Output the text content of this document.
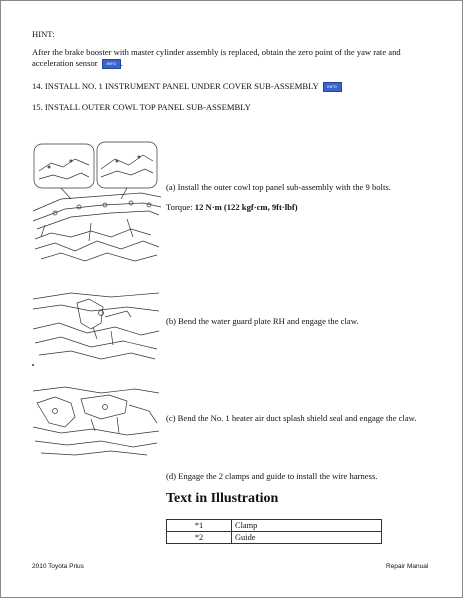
HINT:
After the brake booster with master cylinder assembly is replaced, obtain the zero point of the yaw rate and
acceleration sensor INFO .
14. INSTALL NO. 1 INSTRUMENT PANEL UNDER COVER SUB-ASSEMBLY INFO
15. INSTALL OUTER COWL TOP PANEL SUB-ASSEMBLY
(a) Install the outer cowl top panel sub-assembly with the 9 bolts.
Torque: 12 N·m (122 kgf·cm, 9ft·lbf)
(b) Bend the water guard plate RH and engage the claw.
(c) Bend the No. 1 heater air duct splash shield seal and engage the claw.
(d) Engage the 2 clamps and guide to install the wire harness.
Text in Illustration
*1	Clamp
*2	Guide
2010 Toyota Prius	Repair Manual
